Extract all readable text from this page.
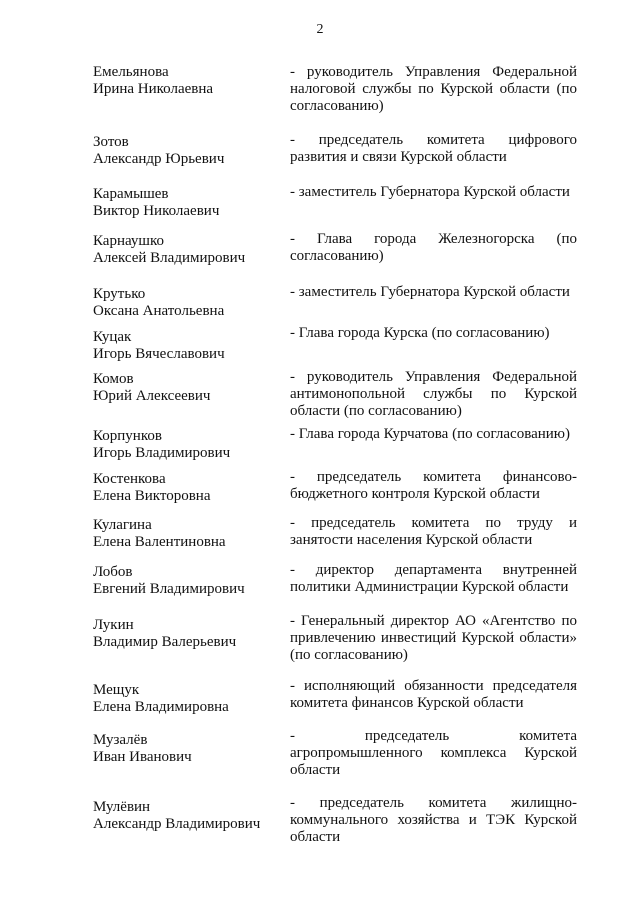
2
Емельянова
Ирина Николаевна
- руководитель Управления Федеральной налоговой службы по Курской области (по согласованию)
Зотов
Александр Юрьевич
- председатель комитета цифрового развития и связи Курской области
Карамышев
Виктор Николаевич
- заместитель Губернатора Курской области
Карнаушко
Алексей Владимирович
- Глава города Железногорска (по согласованию)
Крутько
Оксана Анатольевна
- заместитель Губернатора Курской области
Куцак
Игорь Вячеславович
- Глава города Курска (по согласованию)
Комов
Юрий Алексеевич
- руководитель Управления Федеральной антимонопольной службы по Курской области (по согласованию)
Корпунков
Игорь Владимирович
- Глава города Курчатова (по согласованию)
Костенкова
Елена Викторовна
- председатель комитета финансово-бюджетного контроля Курской области
Кулагина
Елена Валентиновна
- председатель комитета по труду и занятости населения Курской области
Лобов
Евгений Владимирович
- директор департамента внутренней политики Администрации Курской области
Лукин
Владимир Валерьевич
- Генеральный директор АО «Агентство по привлечению инвестиций Курской области» (по согласованию)
Мещук
Елена Владимировна
- исполняющий обязанности председателя комитета финансов Курской области
Музалёв
Иван Иванович
- председатель комитета агропромышленного комплекса Курской области
Мулёвин
Александр Владимирович
- председатель комитета жилищно-коммунального хозяйства и ТЭК Курской области
